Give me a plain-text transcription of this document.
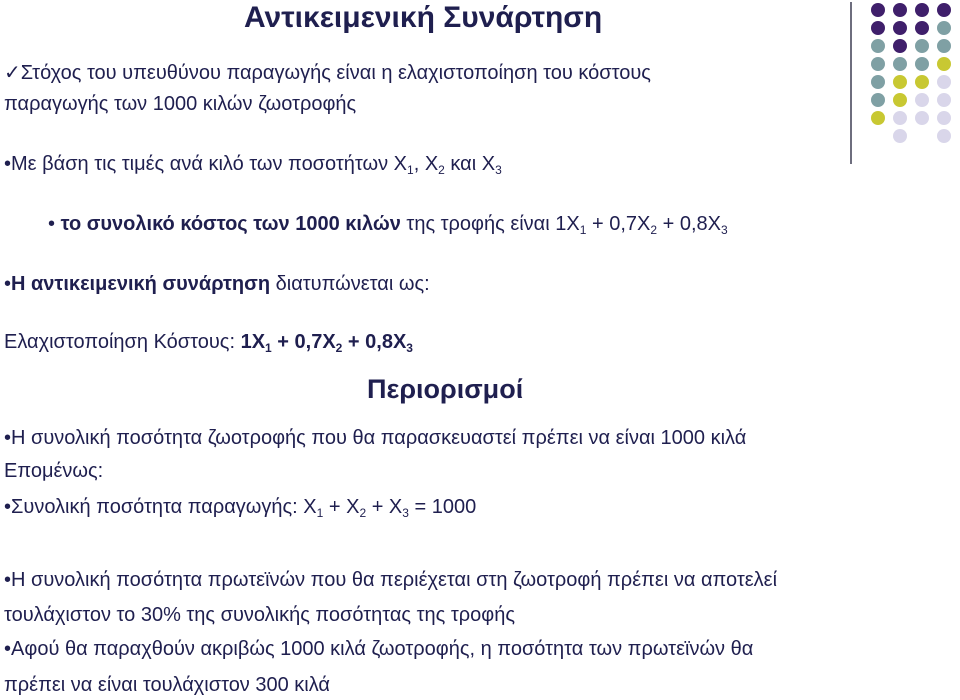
Αντικειμενική Συνάρτηση
✓Στόχος του υπευθύνου παραγωγής είναι η ελαχιστοποίηση του κόστους
παραγωγής των 1000 κιλών ζωοτροφής
•Με βάση τις τιμές ανά κιλό των ποσοτήτων $X_1$, $X_2$ και $X_3$
• το συνολικό κόστος των 1000 κιλών της τροφής είναι $1X_1 + 0,7X_2 + 0,8X_3$
•Η αντικειμενική συνάρτηση διατυπώνεται ως:
Ελαχιστοποίηση Κόστους: $1X_1 + 0,7X_2 + 0,8X_3$
Περιορισμοί
•Η συνολική ποσότητα ζωοτροφής που θα παρασκευαστεί πρέπει να είναι 1000 κιλά
Επομένως:
•Συνολική ποσότητα παραγωγής: $X_1 + X_2 + X_3 = 1000$
•Η συνολική ποσότητα πρωτεϊνών που θα περιέχεται στη ζωοτροφή πρέπει να αποτελεί
τουλάχιστον το 30% της συνολικής ποσότητας της τροφής
•Αφού θα παραχθούν ακριβώς 1000 κιλά ζωοτροφής, η ποσότητα των πρωτεϊνών θα
πρέπει να είναι τουλάχιστον 300 κιλά
